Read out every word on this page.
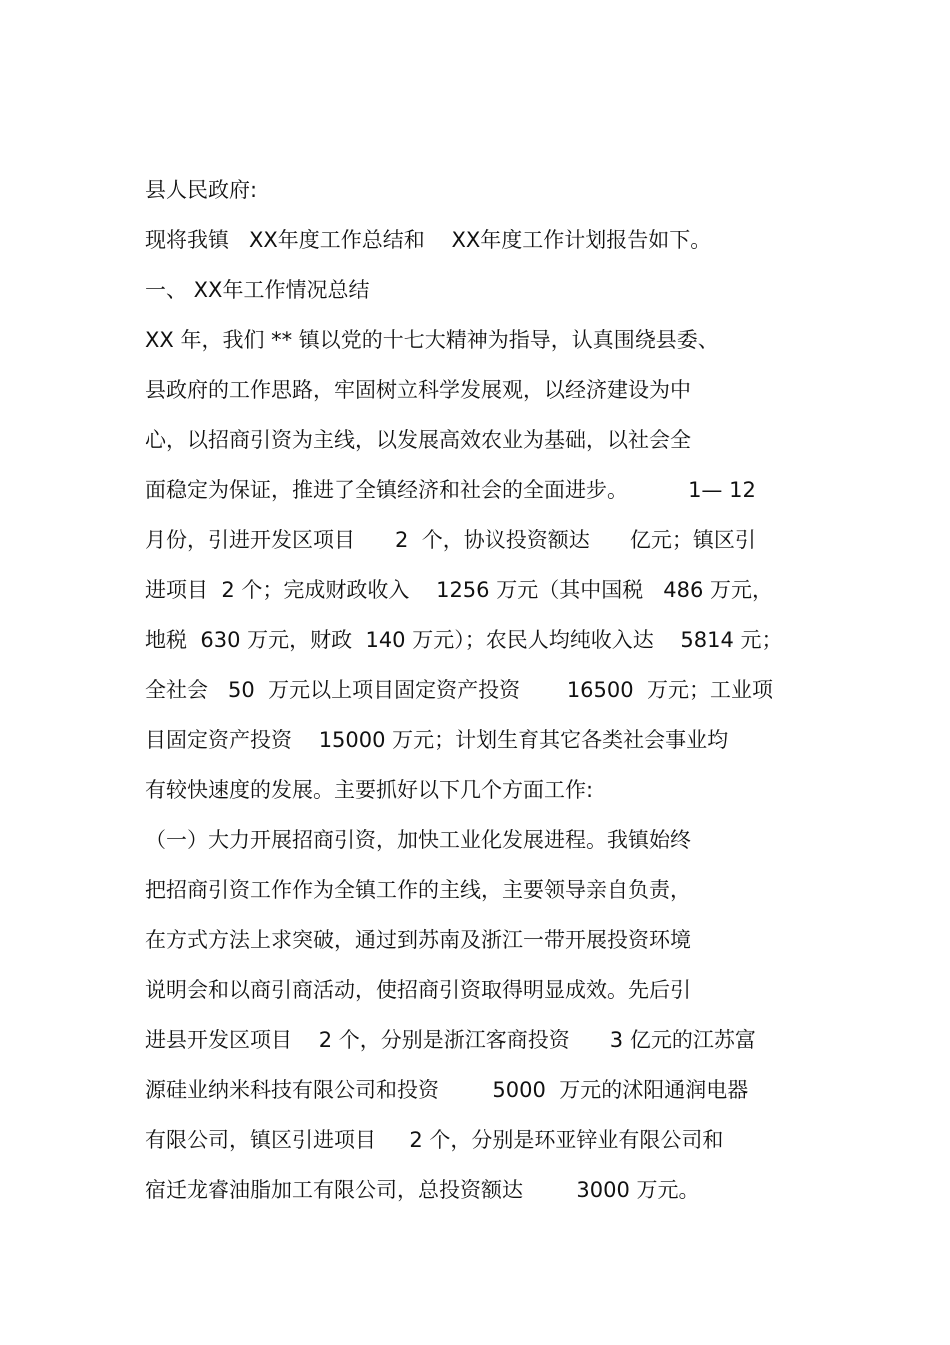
县人民政府:
现将我镇   XX年度工作总结和    XX年度工作计划报告如下。
一、 XX年工作情况总结
XX 年，我们 ** 镇以党的十七大精神为指导，认真围绕县委、
县政府的工作思路，牢固树立科学发展观，以经济建设为中
心，以招商引资为主线，以发展高效农业为基础，以社会全
面稳定为保证，推进了全镇经济和社会的全面进步。         1— 12
月份，引进开发区项目      2  个，协议投资额达      亿元；镇区引
进项目  2 个；完成财政收入    1256 万元（其中国税   486 万元，
地税  630 万元，财政  140 万元）；农民人均纯收入达    5814 元；
全社会   50  万元以上项目固定资产投资       16500  万元；工业项
目固定资产投资    15000 万元；计划生育其它各类社会事业均
有较快速度的发展。主要抓好以下几个方面工作:
（一）大力开展招商引资，加快工业化发展进程。我镇始终
把招商引资工作作为全镇工作的主线，主要领导亲自负责，
在方式方法上求突破，通过到苏南及浙江一带开展投资环境
说明会和以商引商活动，使招商引资取得明显成效。先后引
进县开发区项目    2 个，分别是浙江客商投资      3 亿元的江苏富
源硅业纳米科技有限公司和投资        5000  万元的沭阳通润电器
有限公司，镇区引进项目     2 个，分别是环亚锌业有限公司和
宿迁龙睿油脂加工有限公司，总投资额达        3000 万元。
